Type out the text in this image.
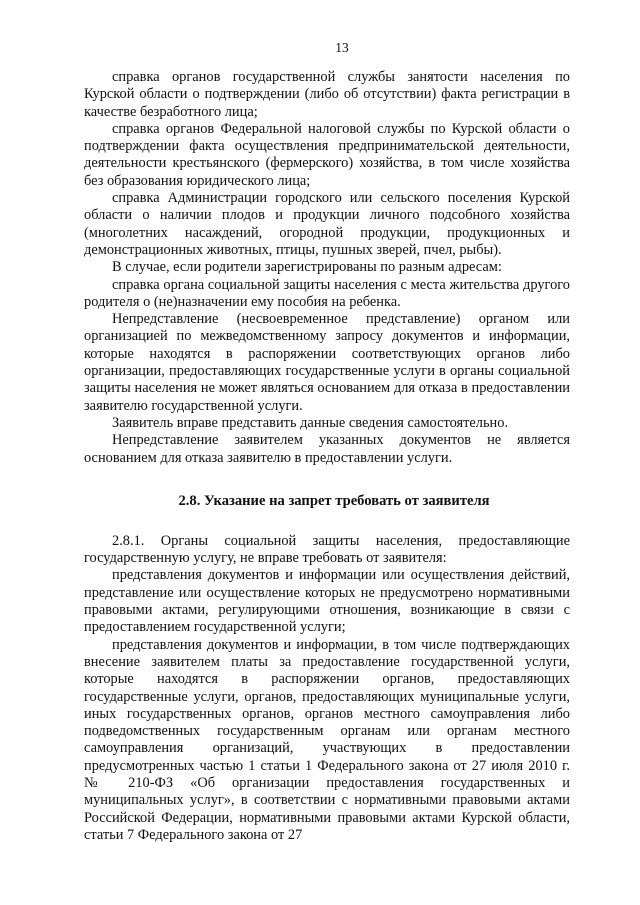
13

справка органов государственной службы занятости населения по Курской области о подтверждении (либо об отсутствии) факта регистрации в качестве безработного лица;

справка органов Федеральной налоговой службы по Курской области о подтверждении факта осуществления предпринимательской деятельности, деятельности крестьянского (фермерского) хозяйства, в том числе хозяйства без образования юридического лица;

справка Администрации городского или сельского поселения Курской области о наличии плодов и продукции личного подсобного хозяйства (многолетних насаждений, огородной продукции, продукционных и демонстрационных животных, птицы, пушных зверей, пчел, рыбы).

В случае, если родители зарегистрированы по разным адресам:

справка органа социальной защиты населения с места жительства другого родителя о (не)назначении ему пособия на ребенка.

Непредставление (несвоевременное представление) органом или организацией по межведомственному запросу документов и информации, которые находятся в распоряжении соответствующих органов либо организации, предоставляющих государственные услуги в органы социальной защиты населения не может являться основанием для отказа в предоставлении заявителю государственной услуги.

Заявитель вправе представить данные сведения самостоятельно.

Непредставление заявителем указанных документов не является основанием для отказа заявителю в предоставлении услуги.

2.8. Указание на запрет требовать от заявителя

2.8.1. Органы социальной защиты населения, предоставляющие государственную услугу, не вправе требовать от заявителя:

представления документов и информации или осуществления действий, представление или осуществление которых не предусмотрено нормативными правовыми актами, регулирующими отношения, возникающие в связи с предоставлением государственной услуги;

представления документов и информации, в том числе подтверждающих внесение заявителем платы за предоставление государственной услуги, которые находятся в распоряжении органов, предоставляющих государственные услуги, органов, предоставляющих муниципальные услуги, иных государственных органов, органов местного самоуправления либо подведомственных государственным органам или органам местного самоуправления организаций, участвующих в предоставлении предусмотренных частью 1 статьи 1 Федерального закона от 27 июля 2010 г. № 210-ФЗ «Об организации предоставления государственных и муниципальных услуг», в соответствии с нормативными правовыми актами Российской Федерации, нормативными правовыми актами Курской области, статьи 7 Федерального закона от 27
